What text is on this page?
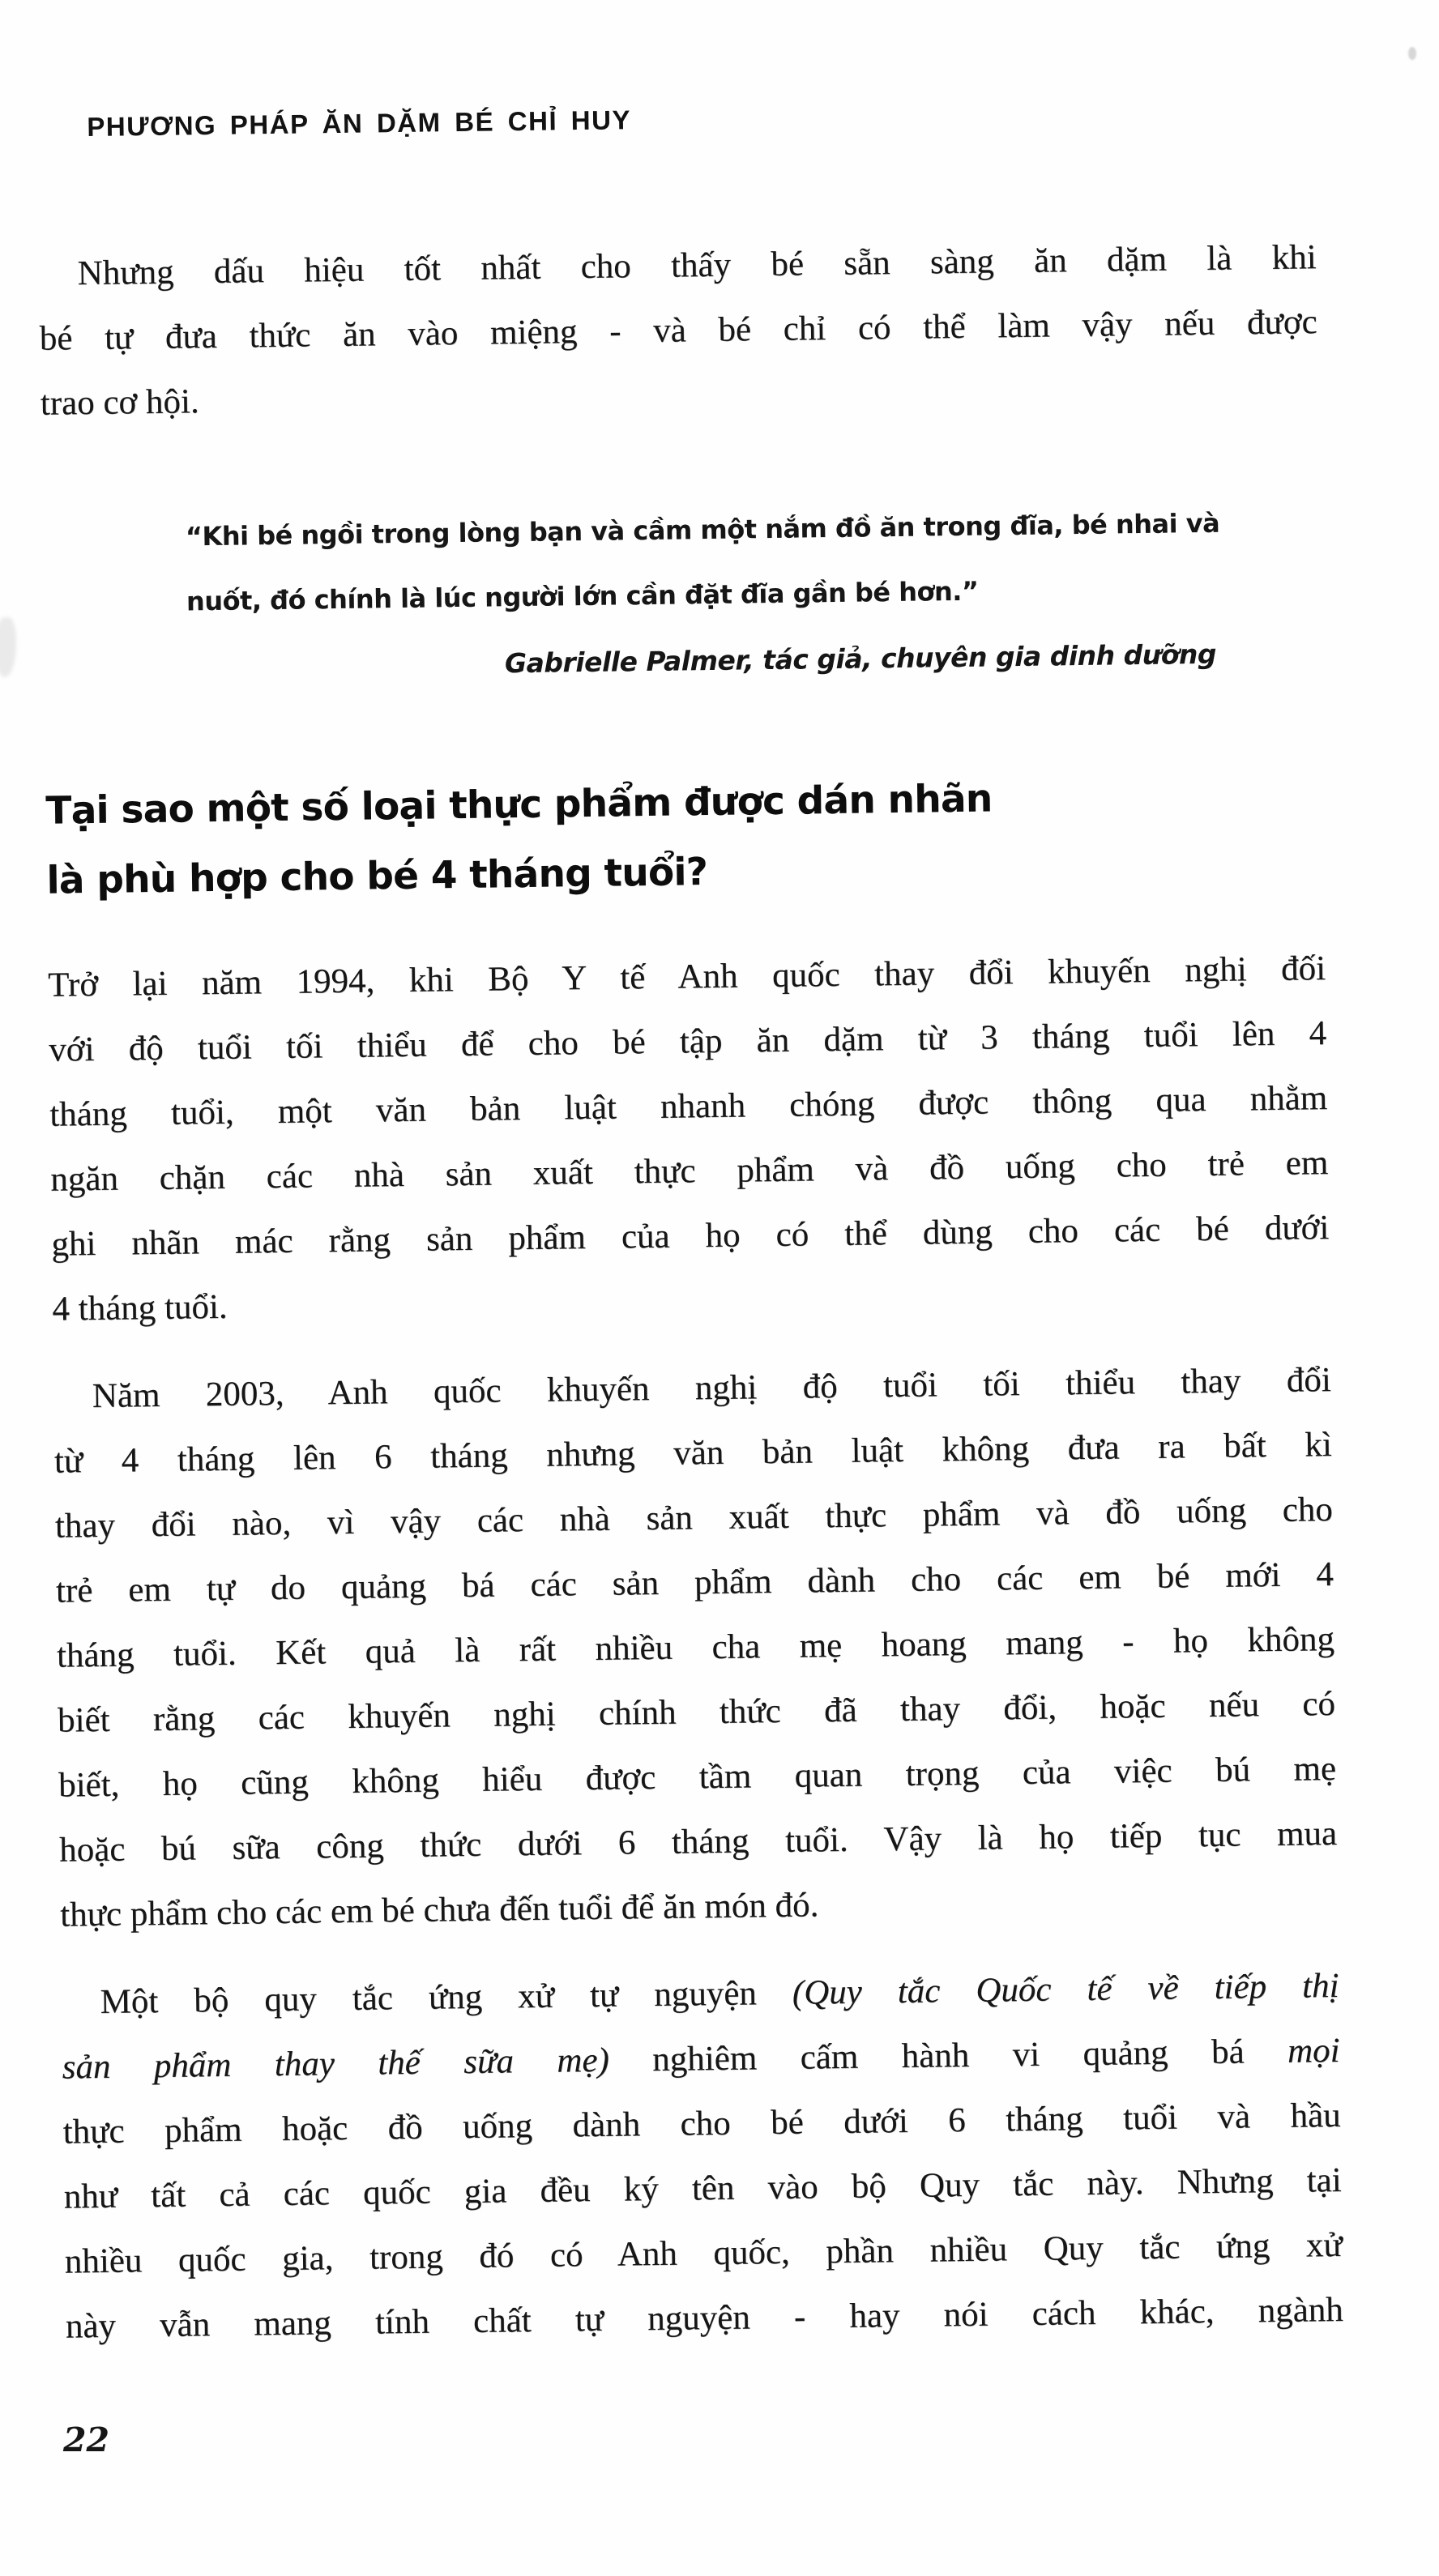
PHƯƠNG PHÁP ĂN DẶM BÉ CHỈ HUY
Nhưng dấu hiệu tốt nhất cho thấy bé sẵn sàng ăn dặm là khi
bé tự đưa thức ăn vào miệng - và bé chỉ có thể làm vậy nếu được
trao cơ hội.
“Khi bé ngồi trong lòng bạn và cầm một nắm đồ ăn trong đĩa, bé nhai và
nuốt, đó chính là lúc người lớn cần đặt đĩa gần bé hơn.”
Gabrielle Palmer, tác giả, chuyên gia dinh dưỡng
Tại sao một số loại thực phẩm được dán nhãn
là phù hợp cho bé 4 tháng tuổi?
Trở lại năm 1994, khi Bộ Y tế Anh quốc thay đổi khuyến nghị đối
với độ tuổi tối thiểu để cho bé tập ăn dặm từ 3 tháng tuổi lên 4
tháng tuổi, một văn bản luật nhanh chóng được thông qua nhằm
ngăn chặn các nhà sản xuất thực phẩm và đồ uống cho trẻ em
ghi nhãn mác rằng sản phẩm của họ có thể dùng cho các bé dưới
4 tháng tuổi.
Năm 2003, Anh quốc khuyến nghị độ tuổi tối thiểu thay đổi
từ 4 tháng lên 6 tháng nhưng văn bản luật không đưa ra bất kì
thay đổi nào, vì vậy các nhà sản xuất thực phẩm và đồ uống cho
trẻ em tự do quảng bá các sản phẩm dành cho các em bé mới 4
tháng tuổi. Kết quả là rất nhiều cha mẹ hoang mang - họ không
biết rằng các khuyến nghị chính thức đã thay đổi, hoặc nếu có
biết, họ cũng không hiểu được tầm quan trọng của việc bú mẹ
hoặc bú sữa công thức dưới 6 tháng tuổi. Vậy là họ tiếp tục mua
thực phẩm cho các em bé chưa đến tuổi để ăn món đó.
Một bộ quy tắc ứng xử tự nguyện (Quy tắc Quốc tế về tiếp thị
sản phẩm thay thế sữa mẹ) nghiêm cấm hành vi quảng bá mọi
thực phẩm hoặc đồ uống dành cho bé dưới 6 tháng tuổi và hầu
như tất cả các quốc gia đều ký tên vào bộ Quy tắc này. Nhưng tại
nhiều quốc gia, trong đó có Anh quốc, phần nhiều Quy tắc ứng xử
này vẫn mang tính chất tự nguyện - hay nói cách khác, ngành
22
